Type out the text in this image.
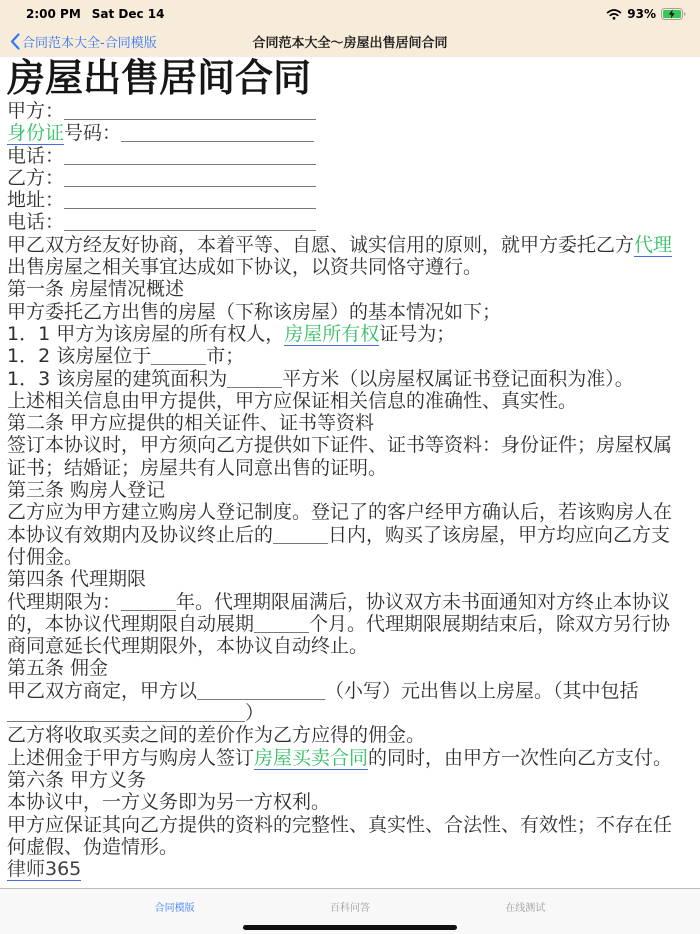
2:00 PM Sat Dec 14	93%
合同范本大全-合同模版	合同范本大全～房屋出售居间合同
房屋出售居间合同
甲方：
身份证号码：
电话：
乙方：
地址：
电话：
甲乙双方经友好协商，本着平等、自愿、诚实信用的原则，就甲方委托乙方代理
出售房屋之相关事宜达成如下协议，以资共同恪守遵行。
第一条 房屋情况概述
甲方委托乙方出售的房屋（下称该房屋）的基本情况如下；
1．1 甲方为该房屋的所有权人，房屋所有权证号为；
1．2 该房屋位于	市；
1．3 该房屋的建筑面积为	平方米（以房屋权属证书登记面积为准）。
上述相关信息由甲方提供，甲方应保证相关信息的准确性、真实性。
第二条 甲方应提供的相关证件、证书等资料
签订本协议时，甲方须向乙方提供如下证件、证书等资料：身份证件；房屋权属
证书；结婚证；房屋共有人同意出售的证明。
第三条 购房人登记
乙方应为甲方建立购房人登记制度。登记了的客户经甲方确认后，若该购房人在
本协议有效期内及协议终止后的	日内，购买了该房屋，甲方均应向乙方支
付佣金。
第四条 代理期限
代理期限为：	年。代理期限届满后，协议双方未书面通知对方终止本协议
的，本协议代理期限自动展期	个月。代理期限展期结束后，除双方另行协
商同意延长代理期限外，本协议自动终止。
第五条 佣金
甲乙双方商定，甲方以	（小写）元出售以上房屋。（其中包括
）
乙方将收取买卖之间的差价作为乙方应得的佣金。
上述佣金于甲方与购房人签订房屋买卖合同的同时，由甲方一次性向乙方支付。
第六条 甲方义务
本协议中，一方义务即为另一方权利。
甲方应保证其向乙方提供的资料的完整性、真实性、合法性、有效性；不存在任
何虚假、伪造情形。
律师365
合同模版	百科问答	在线测试
